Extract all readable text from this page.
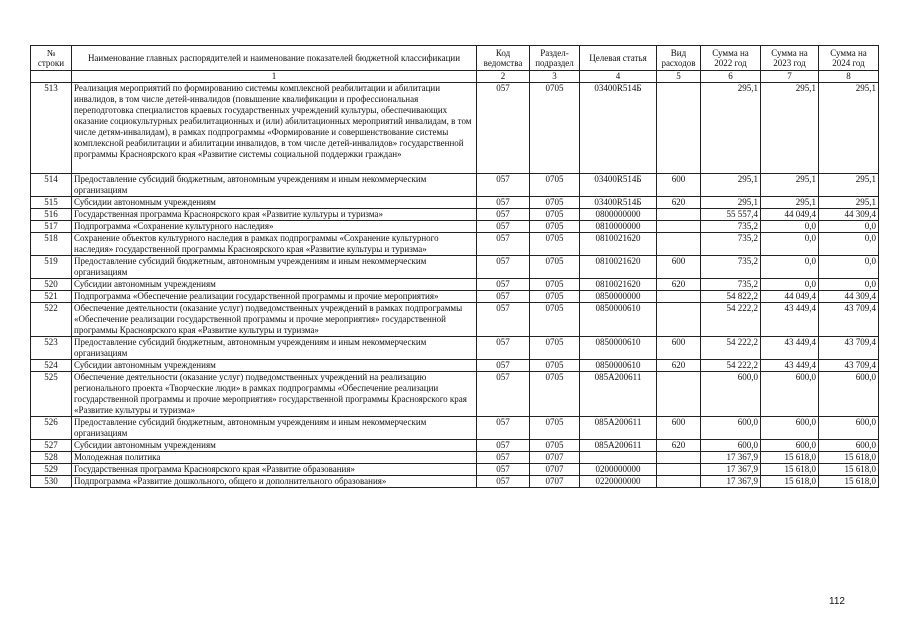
№ строки	Наименование главных распорядителей и наименование показателей бюджетной классификации	Код ведомства	Раздел-подраздел	Целевая статья	Вид расходов	Сумма на 2022 год	Сумма на 2023 год	Сумма на 2024 год
	1	2	3	4	5	6	7	8
513	Реализация мероприятий по формированию системы комплексной реабилитации и абилитации инвалидов, в том числе детей-инвалидов (повышение квалификации и профессиональная переподготовка специалистов краевых государственных учреждений культуры, обеспечивающих оказание социокультурных реабилитационных и (или) абилитационных мероприятий инвалидам, в том числе детям-инвалидам), в рамках подпрограммы «Формирование и совершенствование системы комплексной реабилитации и абилитации инвалидов, в том числе детей-инвалидов» государственной программы Красноярского края «Развитие системы социальной поддержки граждан»	057	0705	03400R514Б		295,1	295,1	295,1
514	Предоставление субсидий бюджетным, автономным учреждениям и иным некоммерческим организациям	057	0705	03400R514Б	600	295,1	295,1	295,1
515	Субсидии автономным учреждениям	057	0705	03400R514Б	620	295,1	295,1	295,1
516	Государственная программа Красноярского края «Развитие культуры и туризма»	057	0705	0800000000		55 557,4	44 049,4	44 309,4
517	Подпрограмма «Сохранение культурного наследия»	057	0705	0810000000		735,2	0,0	0,0
518	Сохранение объектов культурного наследия в рамках подпрограммы «Сохранение культурного наследия» государственной программы Красноярского края «Развитие культуры и туризма»	057	0705	0810021620		735,2	0,0	0,0
519	Предоставление субсидий бюджетным, автономным учреждениям и иным некоммерческим организациям	057	0705	0810021620	600	735,2	0,0	0,0
520	Субсидии автономным учреждениям	057	0705	0810021620	620	735,2	0,0	0,0
521	Подпрограмма «Обеспечение реализации государственной программы и прочие мероприятия»	057	0705	0850000000		54 822,2	44 049,4	44 309,4
522	Обеспечение деятельности (оказание услуг) подведомственных учреждений в рамках подпрограммы «Обеспечение реализации государственной программы и прочие мероприятия» государственной программы Красноярского края «Развитие культуры и туризма»	057	0705	0850000610		54 222,2	43 449,4	43 709,4
523	Предоставление субсидий бюджетным, автономным учреждениям и иным некоммерческим организациям	057	0705	0850000610	600	54 222,2	43 449,4	43 709,4
524	Субсидии автономным учреждениям	057	0705	0850000610	620	54 222,2	43 449,4	43 709,4
525	Обеспечение деятельности (оказание услуг) подведомственных учреждений на реализацию регионального проекта «Творческие люди» в рамках подпрограммы «Обеспечение реализации государственной программы и прочие мероприятия» государственной программы Красноярского края «Развитие культуры и туризма»	057	0705	085А200611		600,0	600,0	600,0
526	Предоставление субсидий бюджетным, автономным учреждениям и иным некоммерческим организациям	057	0705	085А200611	600	600,0	600,0	600,0
527	Субсидии автономным учреждениям	057	0705	085А200611	620	600,0	600,0	600,0
528	Молодежная политика	057	0707			17 367,9	15 618,0	15 618,0
529	Государственная программа Красноярского края «Развитие образования»	057	0707	0200000000		17 367,9	15 618,0	15 618,0
530	Подпрограмма «Развитие дошкольного, общего и дополнительного образования»	057	0707	0220000000		17 367,9	15 618,0	15 618,0
112
